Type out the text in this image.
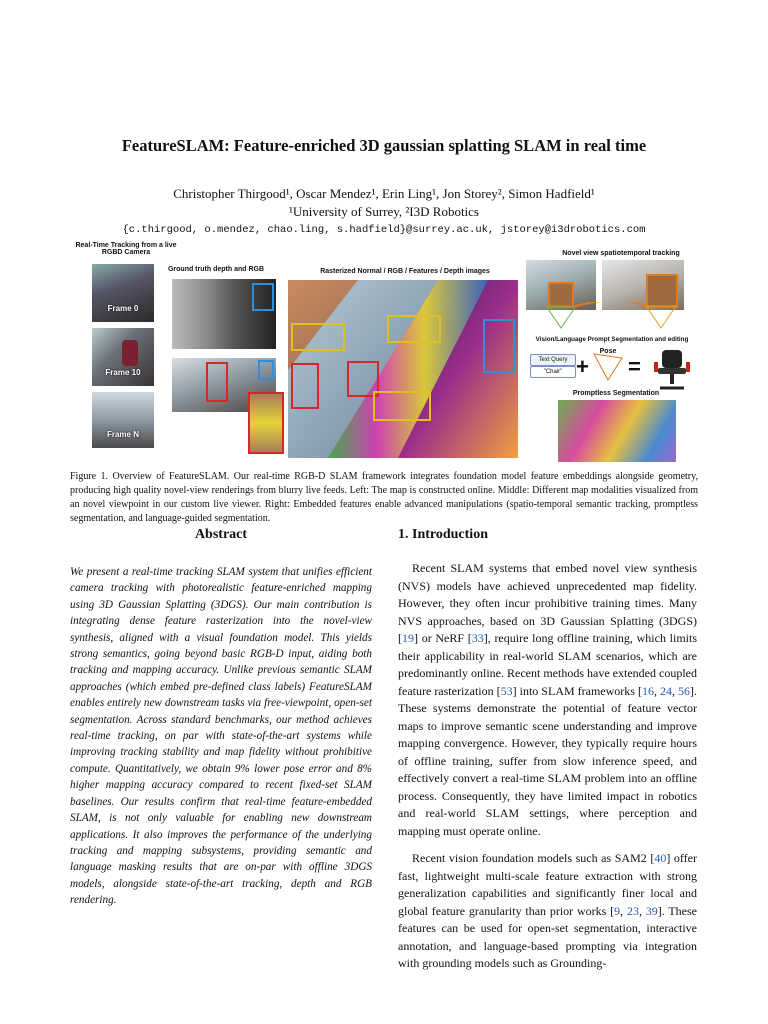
FeatureSLAM: Feature-enriched 3D gaussian splatting SLAM in real time
Christopher Thirgood¹, Oscar Mendez¹, Erin Ling¹, Jon Storey², Simon Hadfield¹
¹University of Surrey, ²I3D Robotics
{c.thirgood, o.mendez, chao.ling, s.hadfield}@surrey.ac.uk, jstorey@i3drobotics.com
Real-Time Tracking from a live RGBD Camera
Frame 0
Frame 10
Frame N
Ground truth depth and RGB	Rasterized Normal / RGB / Features / Depth images
Novel view spatiotemporal tracking
Vision/Language Prompt Segmentation and editing
Pose
Text Query
"Chair" + =
Promptless Segmentation
Figure 1. Overview of FeatureSLAM. Our real-time RGB-D SLAM framework integrates foundation model feature embeddings alongside geometry, producing high quality novel-view renderings from blurry live feeds. Left: The map is constructed online. Middle: Different map modalities visualized from an novel viewpoint in our custom live viewer. Right: Embedded features enable advanced manipulations (spatio-temporal semantic tracking, promptless segmentation, and language-guided segmentation.
Abstract
We present a real-time tracking SLAM system that unifies efficient camera tracking with photorealistic feature-enriched mapping using 3D Gaussian Splatting (3DGS). Our main contribution is integrating dense feature rasterization into the novel-view synthesis, aligned with a visual foundation model. This yields strong semantics, going beyond basic RGB-D input, aiding both tracking and mapping accuracy. Unlike previous semantic SLAM approaches (which embed pre-defined class labels) FeatureSLAM enables entirely new downstream tasks via free-viewpoint, open-set segmentation. Across standard benchmarks, our method achieves real-time tracking, on par with state-of-the-art systems while improving tracking stability and map fidelity without prohibitive compute. Quantitatively, we obtain 9% lower pose error and 8% higher mapping accuracy compared to recent fixed-set SLAM baselines. Our results confirm that real-time feature-embedded SLAM, is not only valuable for enabling new downstream applications. It also improves the performance of the underlying tracking and mapping subsystems, providing semantic and language masking results that are on-par with offline 3DGS models, alongside state-of-the-art tracking, depth and RGB rendering.
1. Introduction

Recent SLAM systems that embed novel view synthesis (NVS) models have achieved unprecedented map fidelity. However, they often incur prohibitive training times. Many NVS approaches, based on 3D Gaussian Splatting (3DGS) [19] or NeRF [33], require long offline training, which limits their applicability in real-world SLAM scenarios, which are predominantly online. Recent methods have extended coupled feature rasterization [53] into SLAM frameworks [16, 24, 56]. These systems demonstrate the potential of feature vector maps to improve semantic scene understanding and improve mapping convergence. However, they typically require hours of offline training, suffer from slow inference speed, and effectively convert a real-time SLAM problem into an offline process. Consequently, they have limited impact in robotics and real-world SLAM settings, where perception and mapping must operate online.

Recent vision foundation models such as SAM2 [40] offer fast, lightweight multi-scale feature extraction with strong generalization capabilities and significantly finer local and global feature granularity than prior works [9, 23, 39]. These features can be used for open-set segmentation, interactive annotation, and language-based prompting via integration with grounding models such as Grounding-
